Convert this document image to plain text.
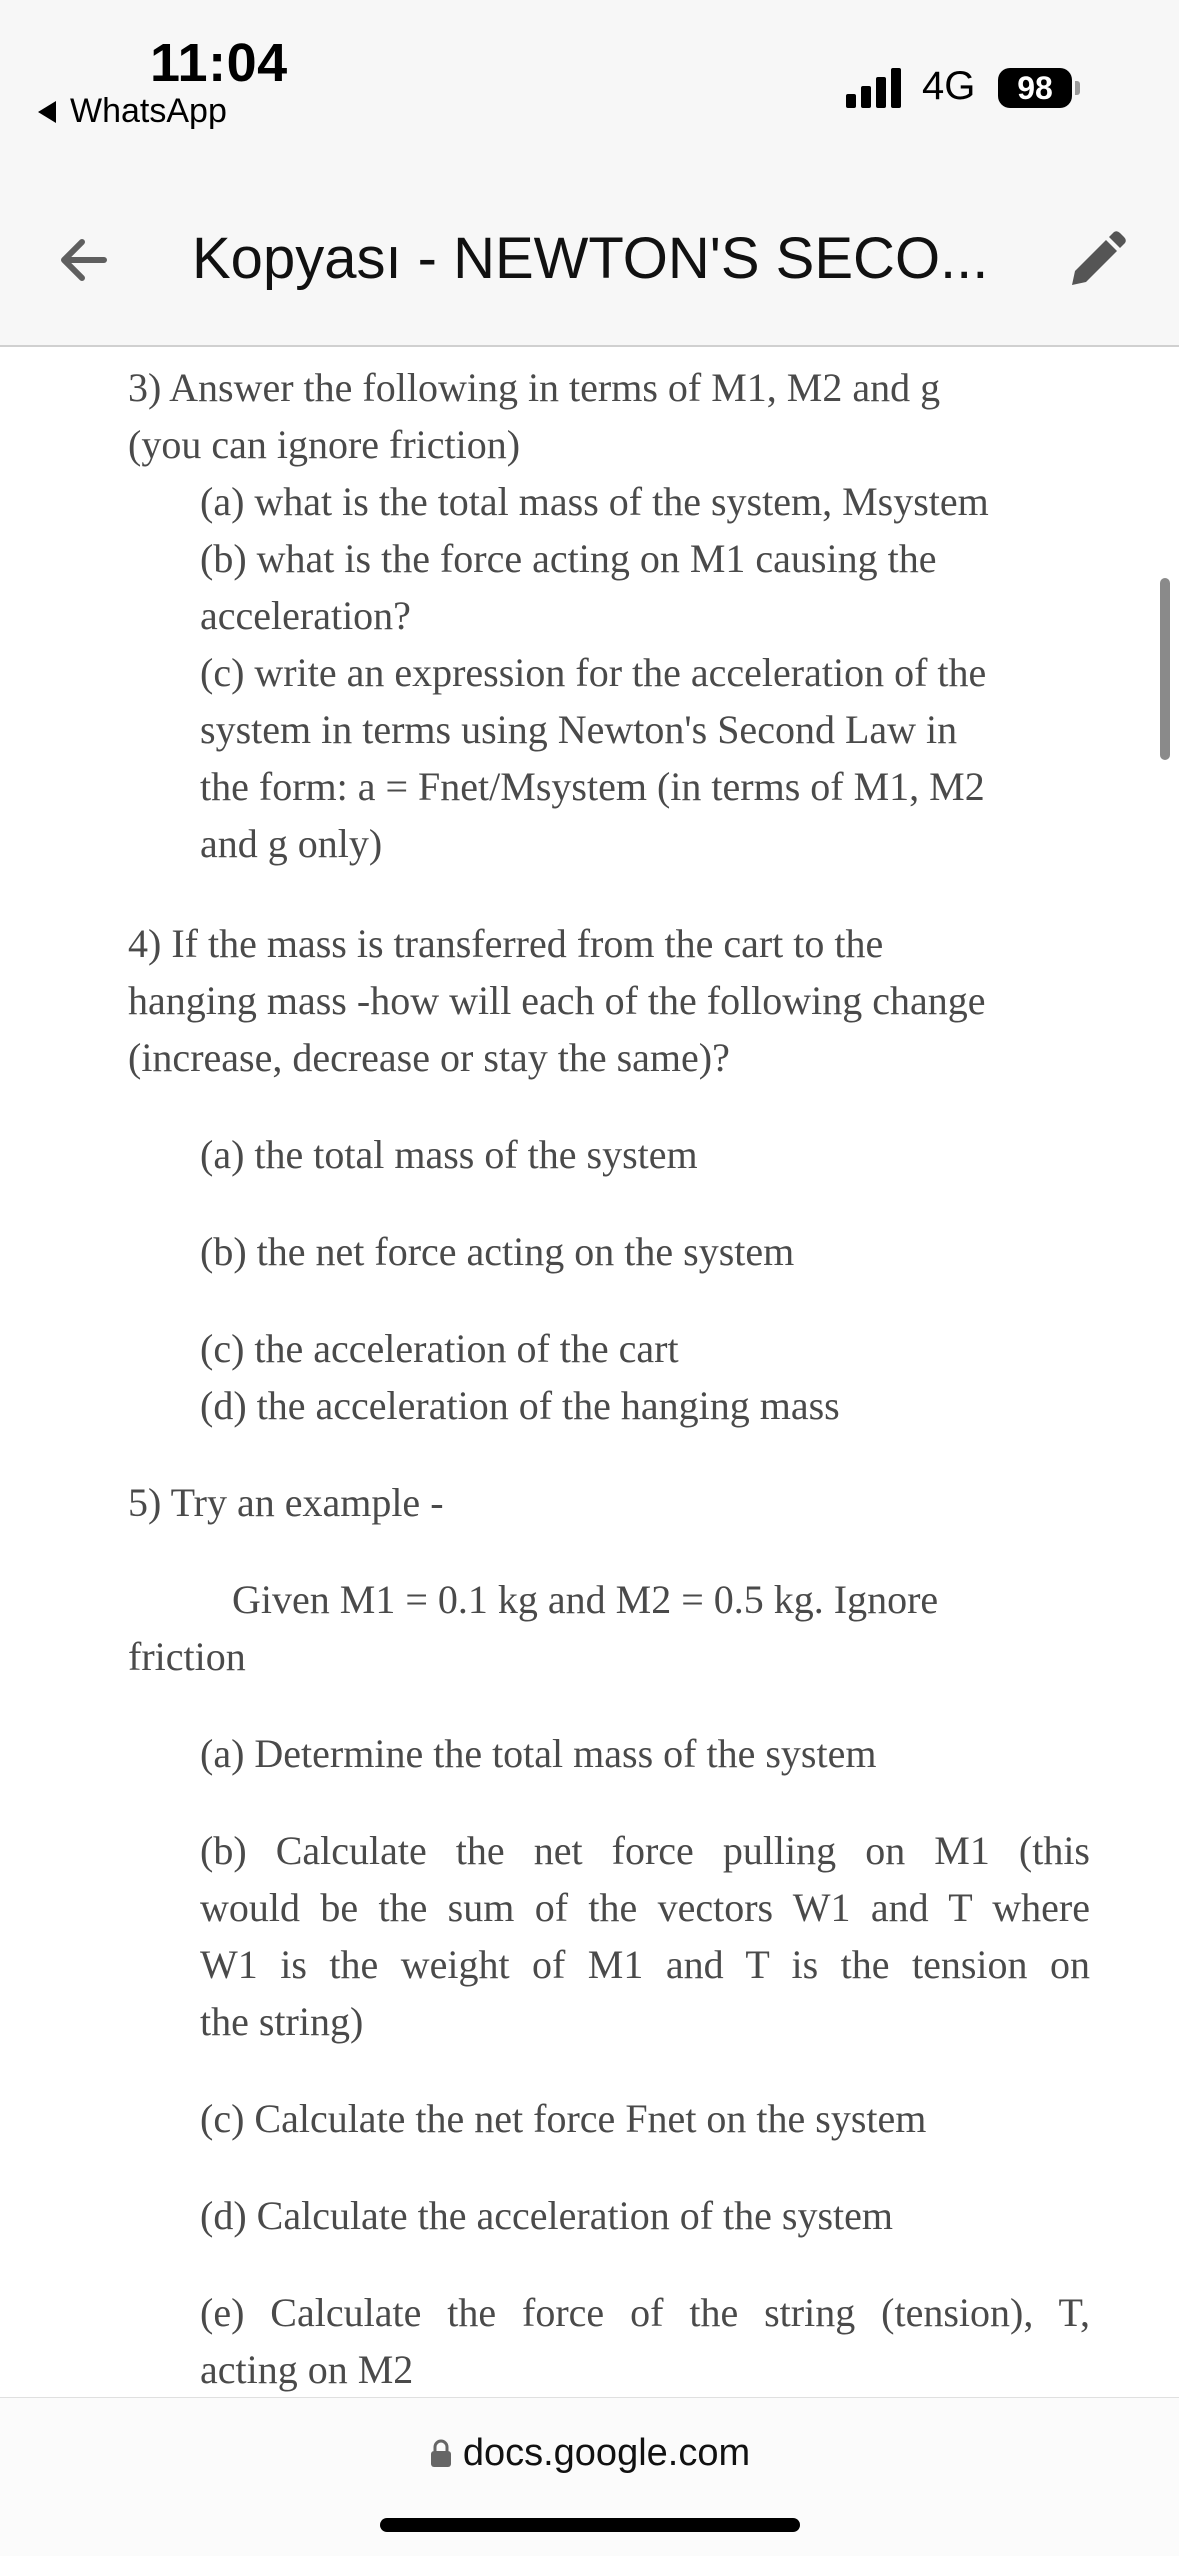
11:04
WhatsApp
4G	98
Kopyası - NEWTON'S SECO...

3) Answer the following in terms of M1, M2 and g

(you can ignore friction)

(a) what is the total mass of the system, Msystem

(b) what is the force acting on M1 causing the

acceleration?

(c) write an expression for the acceleration of the

system in terms using Newton's Second Law in

the form: a = Fnet/Msystem (in terms of M1, M2

and g only)

4) If the mass is transferred from the cart to the

hanging mass -how will each of the following change

(increase, decrease or stay the same)?

(a) the total mass of the system

(b) the net force acting on the system

(c) the acceleration of the cart

(d) the acceleration of the hanging mass

5) Try an example -

Given M1 = 0.1 kg and M2 = 0.5 kg. Ignore

friction

(a) Determine the total mass of the system

(b) Calculate the net force pulling on M1 (this

would be the sum of the vectors W1 and T where

W1 is the weight of M1 and T is the tension on

the string)

(c) Calculate the net force Fnet on the system

(d) Calculate the acceleration of the system

(e) Calculate the force of the string (tension), T,

acting on M2

docs.google.com
